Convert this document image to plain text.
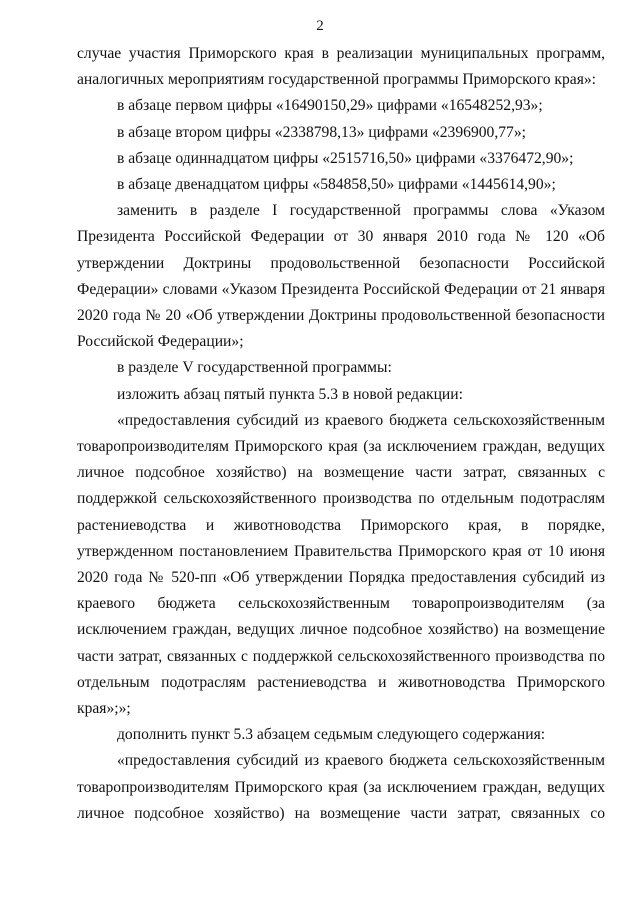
2

случае участия Приморского края в реализации муниципальных программ, аналогичных мероприятиям государственной программы Приморского края»:

в абзаце первом цифры «16490150,29» цифрами «16548252,93»;

в абзаце втором цифры «2338798,13» цифрами «2396900,77»;

в абзаце одиннадцатом цифры «2515716,50» цифрами «3376472,90»;

в абзаце двенадцатом цифры «584858,50» цифрами «1445614,90»;

заменить в разделе I государственной программы слова «Указом Президента Российской Федерации от 30 января 2010 года № 120 «Об утверждении Доктрины продовольственной безопасности Российской Федерации» словами «Указом Президента Российской Федерации от 21 января 2020 года № 20 «Об утверждении Доктрины продовольственной безопасности Российской Федерации»;

в разделе V государственной программы:

изложить абзац пятый пункта 5.3 в новой редакции:

«предоставления субсидий из краевого бюджета сельскохозяйственным товаропроизводителям Приморского края (за исключением граждан, ведущих личное подсобное хозяйство) на возмещение части затрат, связанных с поддержкой сельскохозяйственного производства по отдельным подотраслям растениеводства и животноводства Приморского края, в порядке, утвержденном постановлением Правительства Приморского края от 10 июня 2020 года № 520-пп «Об утверждении Порядка предоставления субсидий из краевого бюджета сельскохозяйственным товаропроизводителям (за исключением граждан, ведущих личное подсобное хозяйство) на возмещение части затрат, связанных с поддержкой сельскохозяйственного производства по отдельным подотраслям растениеводства и животноводства Приморского края»;»;

дополнить пункт 5.3 абзацем седьмым следующего содержания:

«предоставления субсидий из краевого бюджета сельскохозяйственным товаропроизводителям Приморского края (за исключением граждан, ведущих личное подсобное хозяйство) на возмещение части затрат, связанных со
